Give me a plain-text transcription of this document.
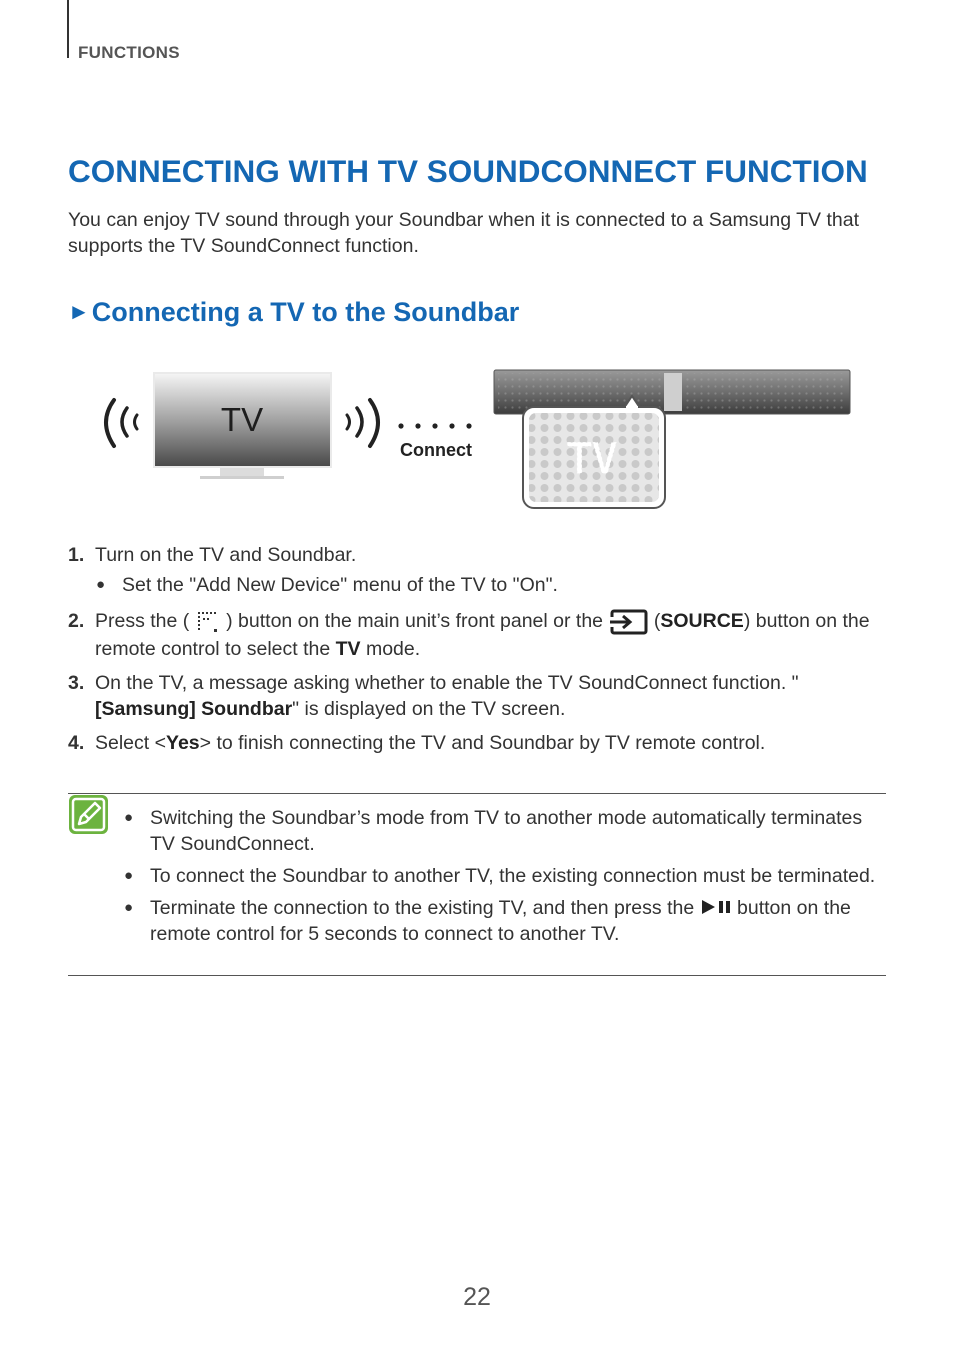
FUNCTIONS
CONNECTING WITH TV SOUNDCONNECT FUNCTION

You can enjoy TV sound through your Soundbar when it is connected to a Samsung TV that supports the TV SoundConnect function.

►Connecting a TV to the Soundbar
TV
TV
Connect
1. Turn on the TV and Soundbar.
● Set the "Add New Device" menu of the TV to "On".
2. Press the ( ) button on the main unit’s front panel or the	(SOURCE) button on the remote control to select the TV mode.
3. On the TV, a message asking whether to enable the TV SoundConnect function. "[Samsung] Soundbar" is displayed on the TV screen.
4. Select <Yes> to finish connecting the TV and Soundbar by TV remote control.
● Switching the Soundbar’s mode from TV to another mode automatically terminates TV SoundConnect.
● To connect the Soundbar to another TV, the existing connection must be terminated.
● Terminate the connection to the existing TV, and then press the button on the remote control for 5 seconds to connect to another TV.
22
